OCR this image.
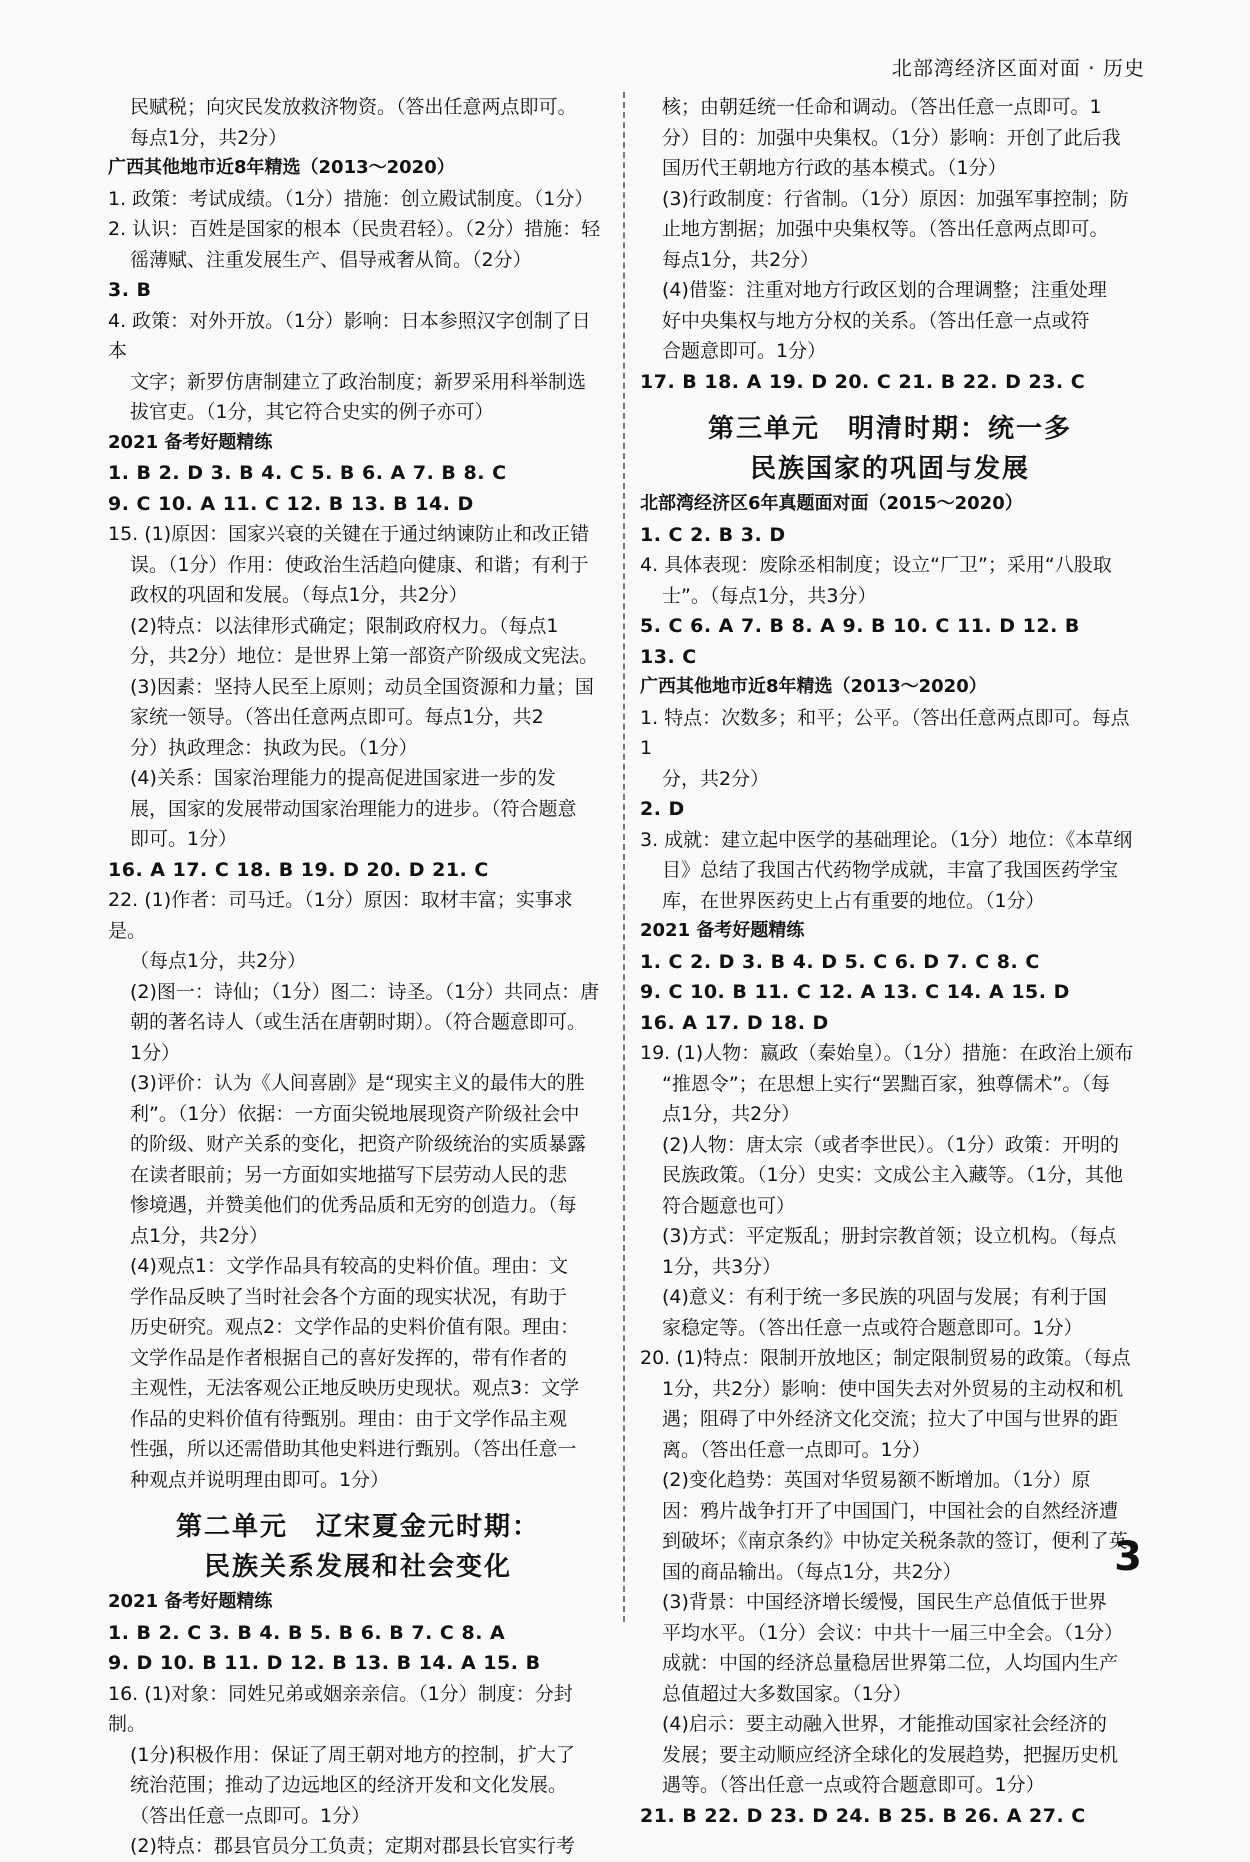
北部湾经济区面对面 · 历史

民赋税；向灾民发放救济物资。（答出任意两点即可。

每点1分，共2分）

广西其他地市近8年精选（2013～2020）

1. 政策：考试成绩。（1分）措施：创立殿试制度。（1分）

2. 认识：百姓是国家的根本（民贵君轻）。（2分）措施：轻

徭薄赋、注重发展生产、倡导戒奢从简。（2分）

3. B

4. 政策：对外开放。（1分）影响：日本参照汉字创制了日本

文字；新罗仿唐制建立了政治制度；新罗采用科举制选

拔官吏。（1分，其它符合史实的例子亦可）

2021 备考好题精练

1. B 2. D 3. B 4. C 5. B 6. A 7. B 8. C

9. C 10. A 11. C 12. B 13. B 14. D

15. (1)原因：国家兴衰的关键在于通过纳谏防止和改正错

误。（1分）作用：使政治生活趋向健康、和谐；有利于

政权的巩固和发展。（每点1分，共2分）

(2)特点：以法律形式确定；限制政府权力。（每点1

分，共2分）地位：是世界上第一部资产阶级成文宪法。

(3)因素：坚持人民至上原则；动员全国资源和力量；国

家统一领导。（答出任意两点即可。每点1分，共2

分）执政理念：执政为民。（1分）

(4)关系：国家治理能力的提高促进国家进一步的发

展，国家的发展带动国家治理能力的进步。（符合题意

即可。1分）

16. A 17. C 18. B 19. D 20. D 21. C

22. (1)作者：司马迁。（1分）原因：取材丰富；实事求是。

（每点1分，共2分）

(2)图一：诗仙；（1分）图二：诗圣。（1分）共同点：唐

朝的著名诗人（或生活在唐朝时期）。（符合题意即可。

1分）

(3)评价：认为《人间喜剧》是“现实主义的最伟大的胜

利”。（1分）依据：一方面尖锐地展现资产阶级社会中

的阶级、财产关系的变化，把资产阶级统治的实质暴露

在读者眼前；另一方面如实地描写下层劳动人民的悲

惨境遇，并赞美他们的优秀品质和无穷的创造力。（每

点1分，共2分）

(4)观点1：文学作品具有较高的史料价值。理由：文

学作品反映了当时社会各个方面的现实状况，有助于

历史研究。观点2：文学作品的史料价值有限。理由：

文学作品是作者根据自己的喜好发挥的，带有作者的

主观性，无法客观公正地反映历史现状。观点3：文学

作品的史料价值有待甄别。理由：由于文学作品主观

性强，所以还需借助其他史料进行甄别。（答出任意一

种观点并说明理由即可。1分）

第二单元　辽宋夏金元时期：

民族关系发展和社会变化

2021 备考好题精练

1. B 2. C 3. B 4. B 5. B 6. B 7. C 8. A

9. D 10. B 11. D 12. B 13. B 14. A 15. B

16. (1)对象：同姓兄弟或姻亲亲信。（1分）制度：分封制。

(1分)积极作用：保证了周王朝对地方的控制，扩大了

统治范围；推动了边远地区的经济开发和文化发展。

（答出任意一点即可。1分）

(2)特点：郡县官员分工负责；定期对郡县长官实行考

核；由朝廷统一任命和调动。（答出任意一点即可。1

分）目的：加强中央集权。（1分）影响：开创了此后我

国历代王朝地方行政的基本模式。（1分）

(3)行政制度：行省制。（1分）原因：加强军事控制；防

止地方割据；加强中央集权等。（答出任意两点即可。

每点1分，共2分）

(4)借鉴：注重对地方行政区划的合理调整；注重处理

好中央集权与地方分权的关系。（答出任意一点或符

合题意即可。1分）

17. B 18. A 19. D 20. C 21. B 22. D 23. C

第三单元　明清时期：统一多

民族国家的巩固与发展

北部湾经济区6年真题面对面（2015～2020）

1. C 2. B 3. D

4. 具体表现：废除丞相制度；设立“厂卫”；采用“八股取

士”。（每点1分，共3分）

5. C 6. A 7. B 8. A 9. B 10. C 11. D 12. B

13. C

广西其他地市近8年精选（2013～2020）

1. 特点：次数多；和平；公平。（答出任意两点即可。每点1

分，共2分）

2. D

3. 成就：建立起中医学的基础理论。（1分）地位：《本草纲

目》总结了我国古代药物学成就，丰富了我国医药学宝

库，在世界医药史上占有重要的地位。（1分）

2021 备考好题精练

1. C 2. D 3. B 4. D 5. C 6. D 7. C 8. C

9. C 10. B 11. C 12. A 13. C 14. A 15. D

16. A 17. D 18. D

19. (1)人物：嬴政（秦始皇）。（1分）措施：在政治上颁布

“推恩令”；在思想上实行“罢黜百家，独尊儒术”。（每

点1分，共2分）

(2)人物：唐太宗（或者李世民）。（1分）政策：开明的

民族政策。（1分）史实：文成公主入藏等。（1分，其他

符合题意也可）

(3)方式：平定叛乱；册封宗教首领；设立机构。（每点

1分，共3分）

(4)意义：有利于统一多民族的巩固与发展；有利于国

家稳定等。（答出任意一点或符合题意即可。1分）

20. (1)特点：限制开放地区；制定限制贸易的政策。（每点

1分，共2分）影响：使中国失去对外贸易的主动权和机

遇；阻碍了中外经济文化交流；拉大了中国与世界的距

离。（答出任意一点即可。1分）

(2)变化趋势：英国对华贸易额不断增加。（1分）原

因：鸦片战争打开了中国国门，中国社会的自然经济遭

到破坏；《南京条约》中协定关税条款的签订，便利了英

国的商品输出。（每点1分，共2分）

(3)背景：中国经济增长缓慢，国民生产总值低于世界

平均水平。（1分）会议：中共十一届三中全会。（1分）

成就：中国的经济总量稳居世界第二位，人均国内生产

总值超过大多数国家。（1分）

(4)启示：要主动融入世界，才能推动国家社会经济的

发展；要主动顺应经济全球化的发展趋势，把握历史机

遇等。（答出任意一点或符合题意即可。1分）

21. B 22. D 23. D 24. B 25. B 26. A 27. C

3
